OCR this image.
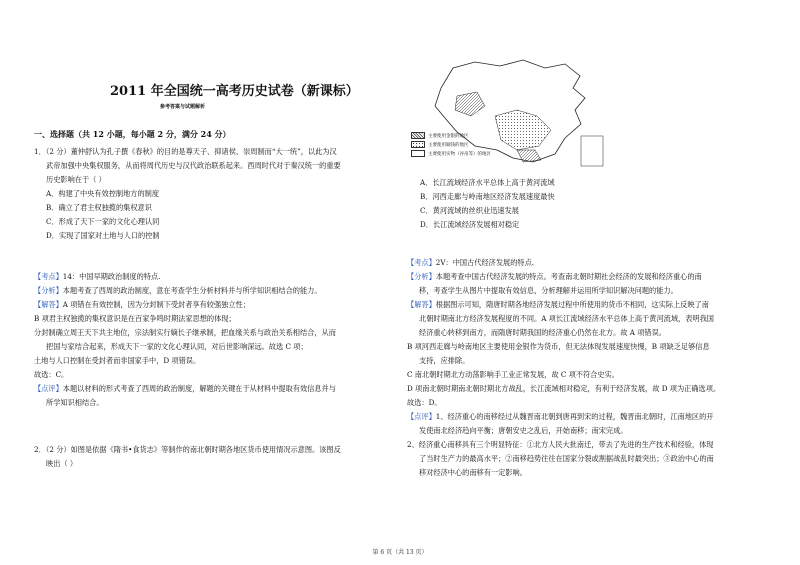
2011 年全国统一高考历史试卷（新课标）
参考答案与试题解析
一、选择题（共 12 小题，每小题 2 分，满分 24 分）
1．（2 分）董仲舒认为孔子撰《春秋》的目的是尊天子、抑诸侯、崇周制而“大一统”，以此为汉
武帝加强中央集权服务，从而将周代历史与汉代政治联系起来。西周时代对于秦汉统一的重要
历史影响在于（ ）
A．构建了中央有效控制地方的制度
B．确立了君主权独揽的集权意识
C．形成了天下一家的文化心理认同
D．实现了国家对土地与人口的控制
【考点】14：中国早期政治制度的特点.
【分析】本题考查了西周的政治制度，意在考查学生分析材料并与所学知识相结合的能力。
【解答】A 项错在有效控制，因为分封制下受封者享有较强独立性；
B 项君主权独揽的集权意识是在百家争鸣时期法家思想的体现；
分封制确立周王天下共主地位，宗法制实行嫡长子继承制，把血缘关系与政治关系相结合，从而
把国与家结合起来，形成天下一家的文化心理认同，对后世影响深远。故选 C 项；
土地与人口控制在受封者而非国家手中，D 项错误。
故选：C。
【点评】本题以材料的形式考查了西周的政治制度，解题的关键在于从材料中提取有效信息并与
所学知识相结合。
2．（2 分）如图是依据《隋书•食货志》等制作的南北朝时期各地区货币使用情况示意图。该图反
映出（ ）
主要使用金银的地区
主要使用铜钱的地区
主要使用实物（谷帛等）的地区
A．长江流域经济水平总体上高于黄河流域
B．河西走廊与岭南地区经济发展速度最快
C．黄河流域的丝织业迅速发展
D．长江流域经济发展相对稳定
【考点】2V：中国古代经济发展的特点.
【分析】本题考查中国古代经济发展的特点。考查南北朝时期社会经济的发展和经济重心的南
移，考查学生从图片中提取有效信息，分析理解并运用所学知识解决问题的能力。
【解答】根据图示可知，隋唐时期各地经济发展过程中所使用的货币不相同，这实际上反映了南
北朝时期南北方经济发展程度的不同。A 项长江流域经济水平总体上高于黄河流域，表明我国
经济重心转移到南方，而隋唐时期我国的经济重心仍然在北方。故 A 项错误。
B 项河西走廊与岭南地区主要使用金银作为货币，但无法体现发展速度快慢，B 项缺乏足够信息
支持，应排除。
C 南北朝时期北方动荡影响手工业正常发展，故 C 项不符合史实。
D 项南北朝时期南北朝时期北方战乱，长江流域相对稳定，有利于经济发展，故 D 项为正确选项。
故选：D。
【点评】1、经济重心的南移经过从魏晋南北朝到唐再到宋的过程，魏晋南北朝时，江南地区的开
发使南北经济趋向平衡；唐朝安史之乱后，开始南移；南宋完成。
2、经济重心南移具有三个明显特征：①北方人民大批南迁，带去了先进的生产技术和经验，体现
了当时生产力的最高水平；②南移趋势往往在国家分裂或割据战乱时最突出；③政治中心的南
移对经济中心的南移有一定影响。
第 6 页（共 13 页）
